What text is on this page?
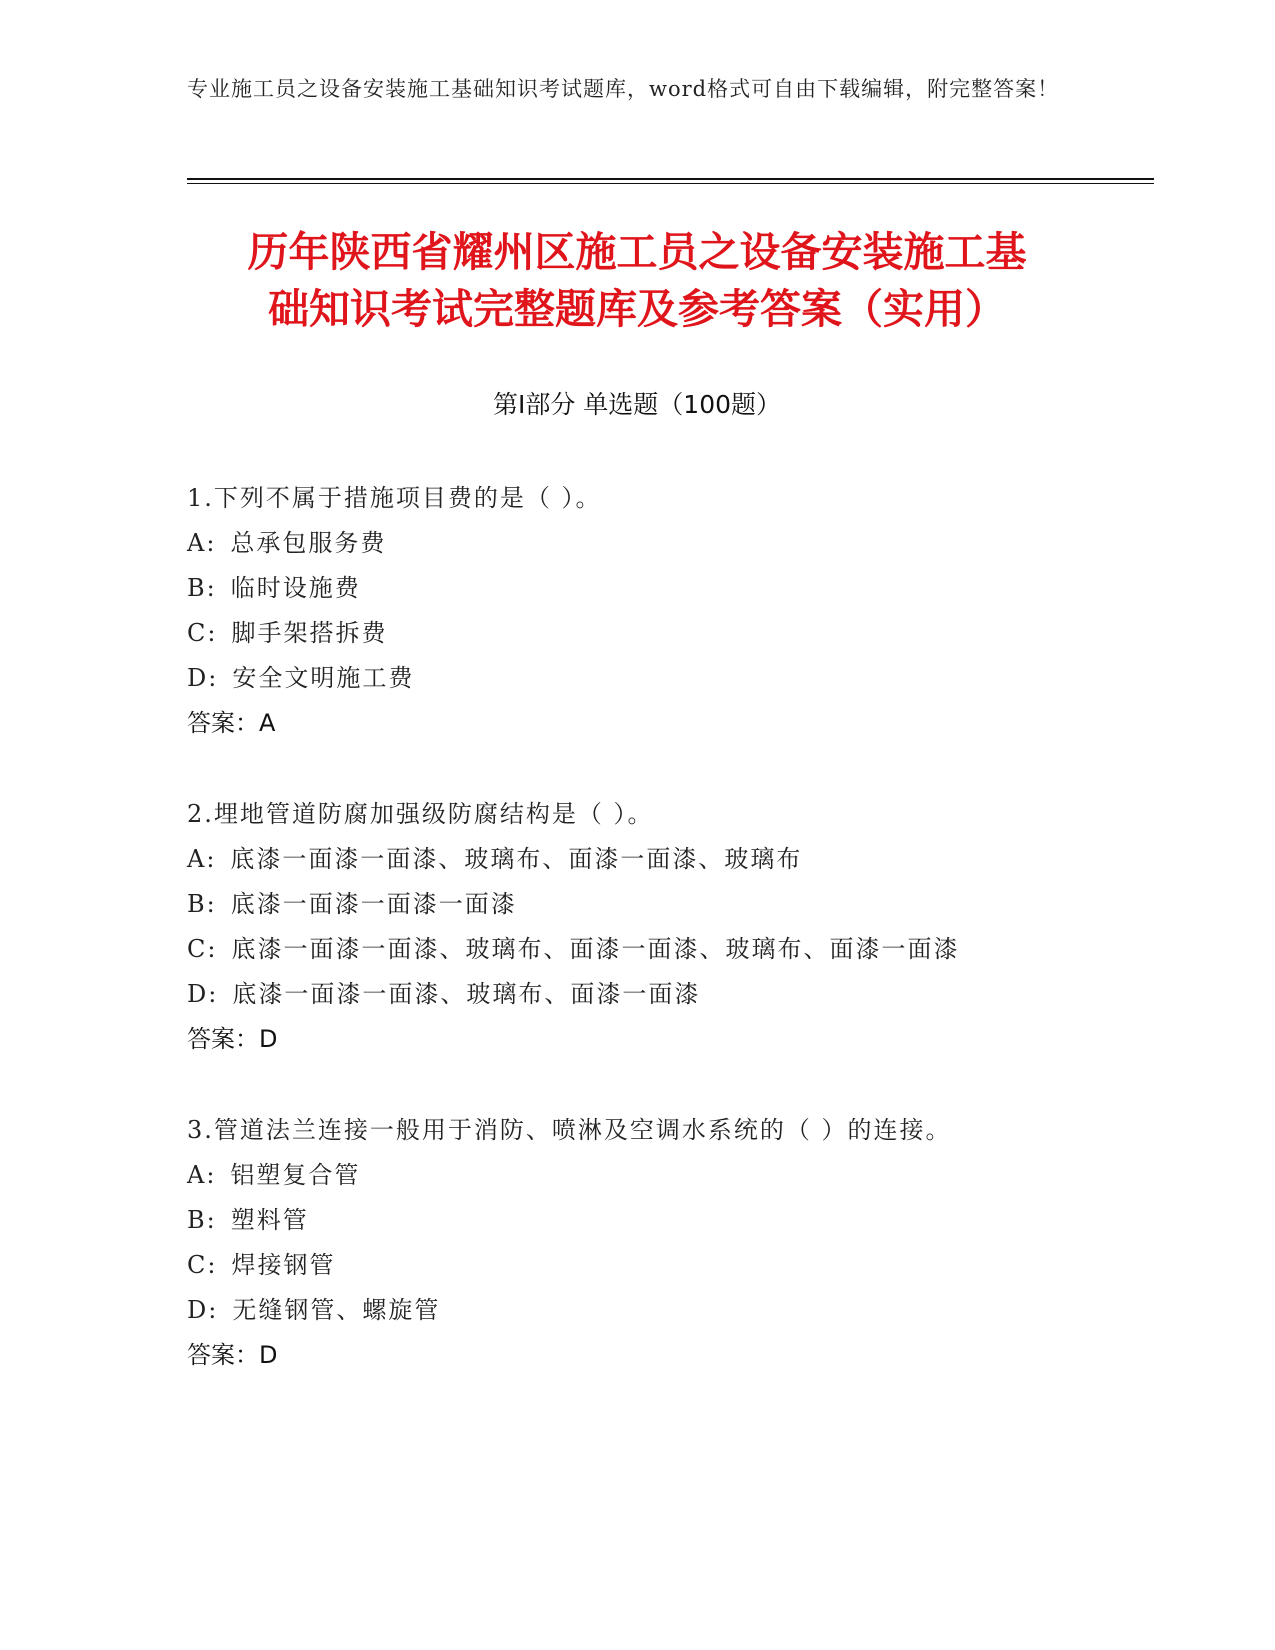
专业施工员之设备安装施工基础知识考试题库，word格式可自由下载编辑，附完整答案！
历年陕西省耀州区施工员之设备安装施工基
础知识考试完整题库及参考答案（实用）
第Ⅰ部分 单选题（100题）
1.下列不属于措施项目费的是（ ）。
A: 总承包服务费
B: 临时设施费
C: 脚手架搭拆费
D: 安全文明施工费
答案：A
2.埋地管道防腐加强级防腐结构是（ ）。
A: 底漆一面漆一面漆、玻璃布、面漆一面漆、玻璃布
B: 底漆一面漆一面漆一面漆
C: 底漆一面漆一面漆、玻璃布、面漆一面漆、玻璃布、面漆一面漆
D: 底漆一面漆一面漆、玻璃布、面漆一面漆
答案：D
3.管道法兰连接一般用于消防、喷淋及空调水系统的（ ）的连接。
A: 铝塑复合管
B: 塑料管
C: 焊接钢管
D: 无缝钢管、螺旋管
答案：D
